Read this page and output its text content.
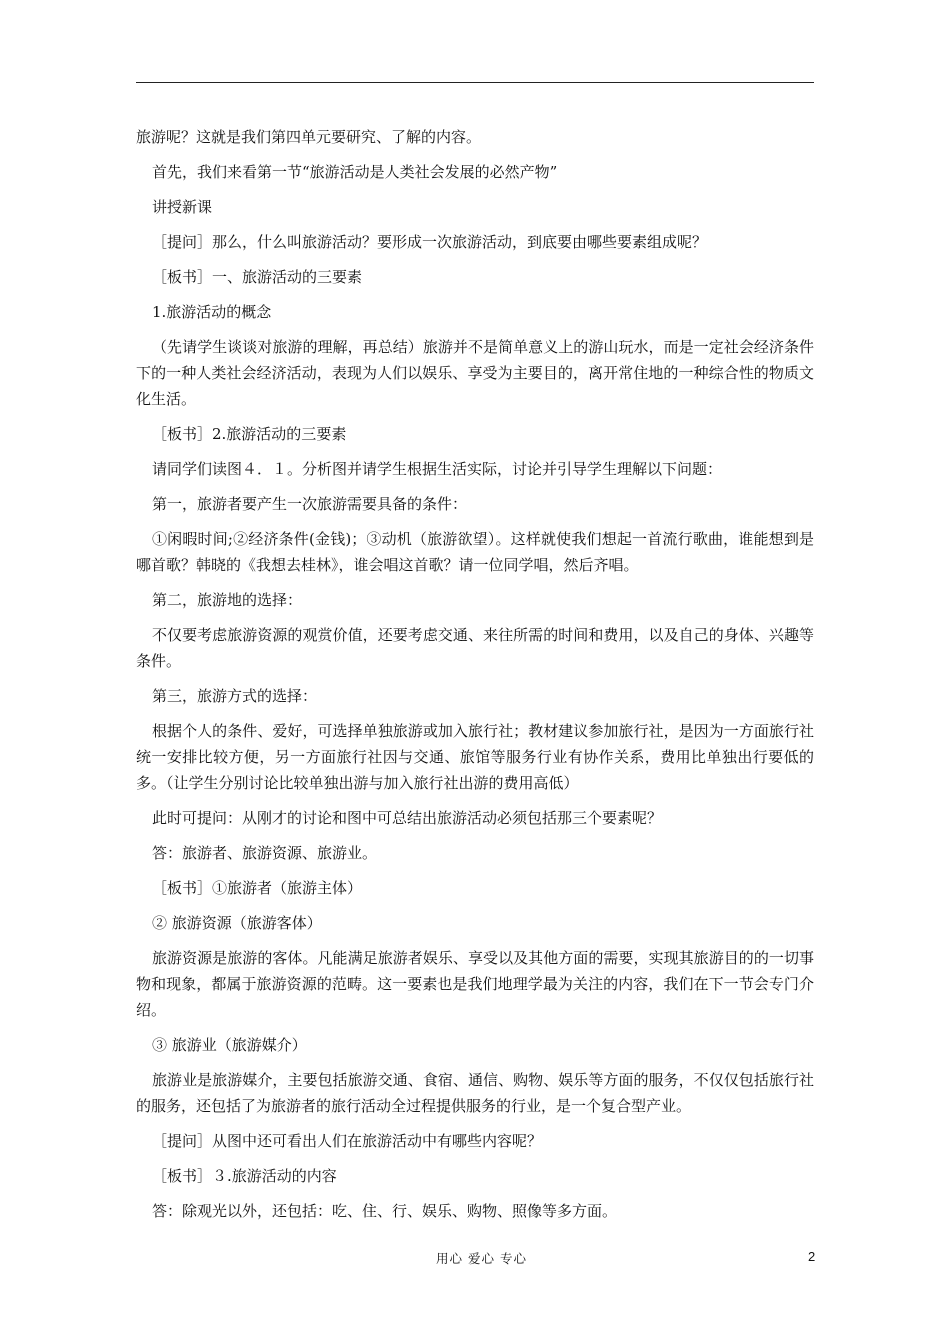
旅游呢？这就是我们第四单元要研究、了解的内容。

首先，我们来看第一节“旅游活动是人类社会发展的必然产物”

讲授新课

［提问］那么，什么叫旅游活动？要形成一次旅游活动，到底要由哪些要素组成呢？

［板书］一、旅游活动的三要素

1.旅游活动的概念

（先请学生谈谈对旅游的理解，再总结）旅游并不是简单意义上的游山玩水，而是一定社会经济条件下的一种人类社会经济活动，表现为人们以娱乐、享受为主要目的，离开常住地的一种综合性的物质文化生活。

［板书］2.旅游活动的三要素

请同学们读图４．１。分析图并请学生根据生活实际，讨论并引导学生理解以下问题：

第一，旅游者要产生一次旅游需要具备的条件：

①闲暇时间;②经济条件(金钱)；③动机（旅游欲望）。这样就使我们想起一首流行歌曲，谁能想到是哪首歌？韩晓的《我想去桂林》，谁会唱这首歌？请一位同学唱，然后齐唱。

第二，旅游地的选择：

不仅要考虑旅游资源的观赏价值，还要考虑交通、来往所需的时间和费用，以及自己的身体、兴趣等条件。

第三，旅游方式的选择：

根据个人的条件、爱好，可选择单独旅游或加入旅行社；教材建议参加旅行社，是因为一方面旅行社统一安排比较方便，另一方面旅行社因与交通、旅馆等服务行业有协作关系，费用比单独出行要低的多。（让学生分别讨论比较单独出游与加入旅行社出游的费用高低）

此时可提问：从刚才的讨论和图中可总结出旅游活动必须包括那三个要素呢？

答：旅游者、旅游资源、旅游业。

［板书］①旅游者（旅游主体）

② 旅游资源（旅游客体）

旅游资源是旅游的客体。凡能满足旅游者娱乐、享受以及其他方面的需要，实现其旅游目的的一切事物和现象，都属于旅游资源的范畴。这一要素也是我们地理学最为关注的内容，我们在下一节会专门介绍。

③ 旅游业（旅游媒介）

旅游业是旅游媒介，主要包括旅游交通、食宿、通信、购物、娱乐等方面的服务，不仅仅包括旅行社的服务，还包括了为旅游者的旅行活动全过程提供服务的行业，是一个复合型产业。

［提问］从图中还可看出人们在旅游活动中有哪些内容呢？

［板书］３.旅游活动的内容

答：除观光以外，还包括：吃、住、行、娱乐、购物、照像等多方面。

用心 爱心 专心	2
